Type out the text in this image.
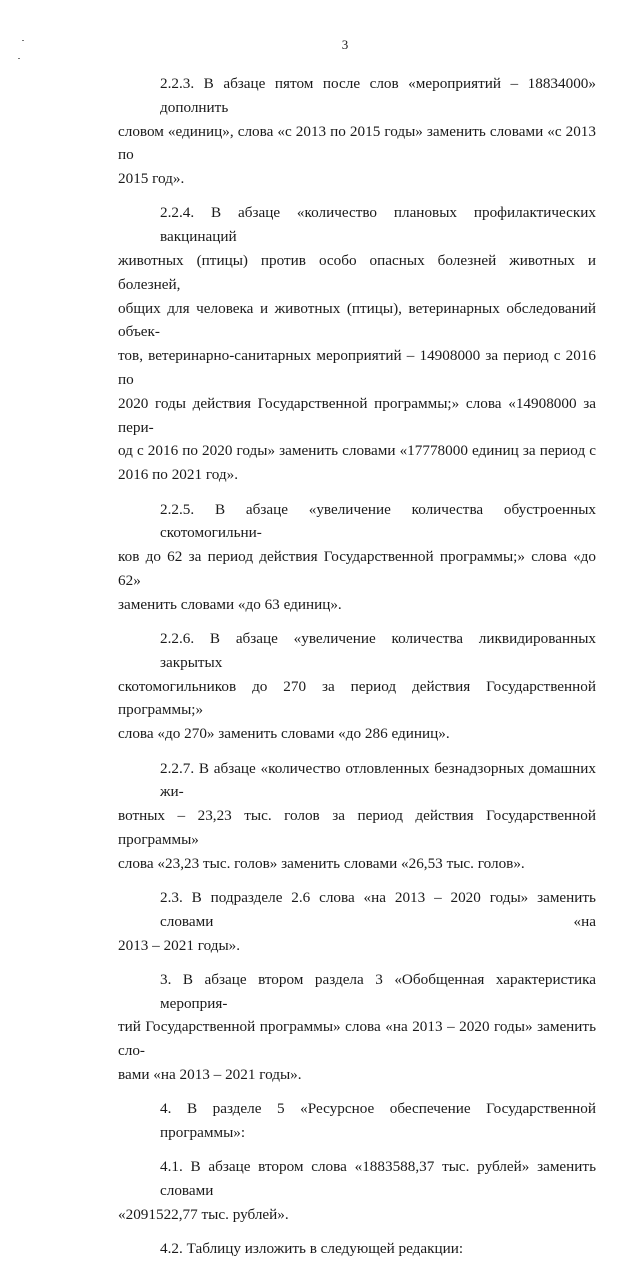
3

2.2.3. В абзаце пятом после слов «мероприятий – 18834000» дополнить
словом «единиц», слова «с 2013 по 2015 годы» заменить словами «с 2013 по
2015 год».

2.2.4. В абзаце «количество плановых профилактических вакцинаций
животных (птицы) против особо опасных болезней животных и болезней,
общих для человека и животных (птицы), ветеринарных обследований объек-
тов, ветеринарно-санитарных мероприятий – 14908000 за период с 2016 по
2020 годы действия Государственной программы;» слова «14908000 за пери-
од с 2016 по 2020 годы» заменить словами «17778000 единиц за период с
2016 по 2021 год».

2.2.5. В абзаце «увеличение количества обустроенных скотомогильни-
ков до 62 за период действия Государственной программы;» слова «до 62»
заменить словами «до 63 единиц».

2.2.6. В абзаце «увеличение количества ликвидированных закрытых
скотомогильников до 270 за период действия Государственной программы;»
слова «до 270» заменить словами «до 286 единиц».

2.2.7. В абзаце «количество отловленных безнадзорных домашних жи-
вотных – 23,23 тыс. голов за период действия Государственной программы»
слова «23,23 тыс. голов» заменить словами «26,53 тыс. голов».

2.3. В подразделе 2.6 слова «на 2013 – 2020 годы» заменить словами «на
2013 – 2021 годы».

3. В абзаце втором раздела 3 «Обобщенная характеристика мероприя-
тий Государственной программы» слова «на 2013 – 2020 годы» заменить сло-
вами «на 2013 – 2021 годы».

4. В разделе 5 «Ресурсное обеспечение Государственной программы»:

4.1. В абзаце втором слова «1883588,37 тыс. рублей» заменить словами
«2091522,77 тыс. рублей».

4.2. Таблицу изложить в следующей редакции:
